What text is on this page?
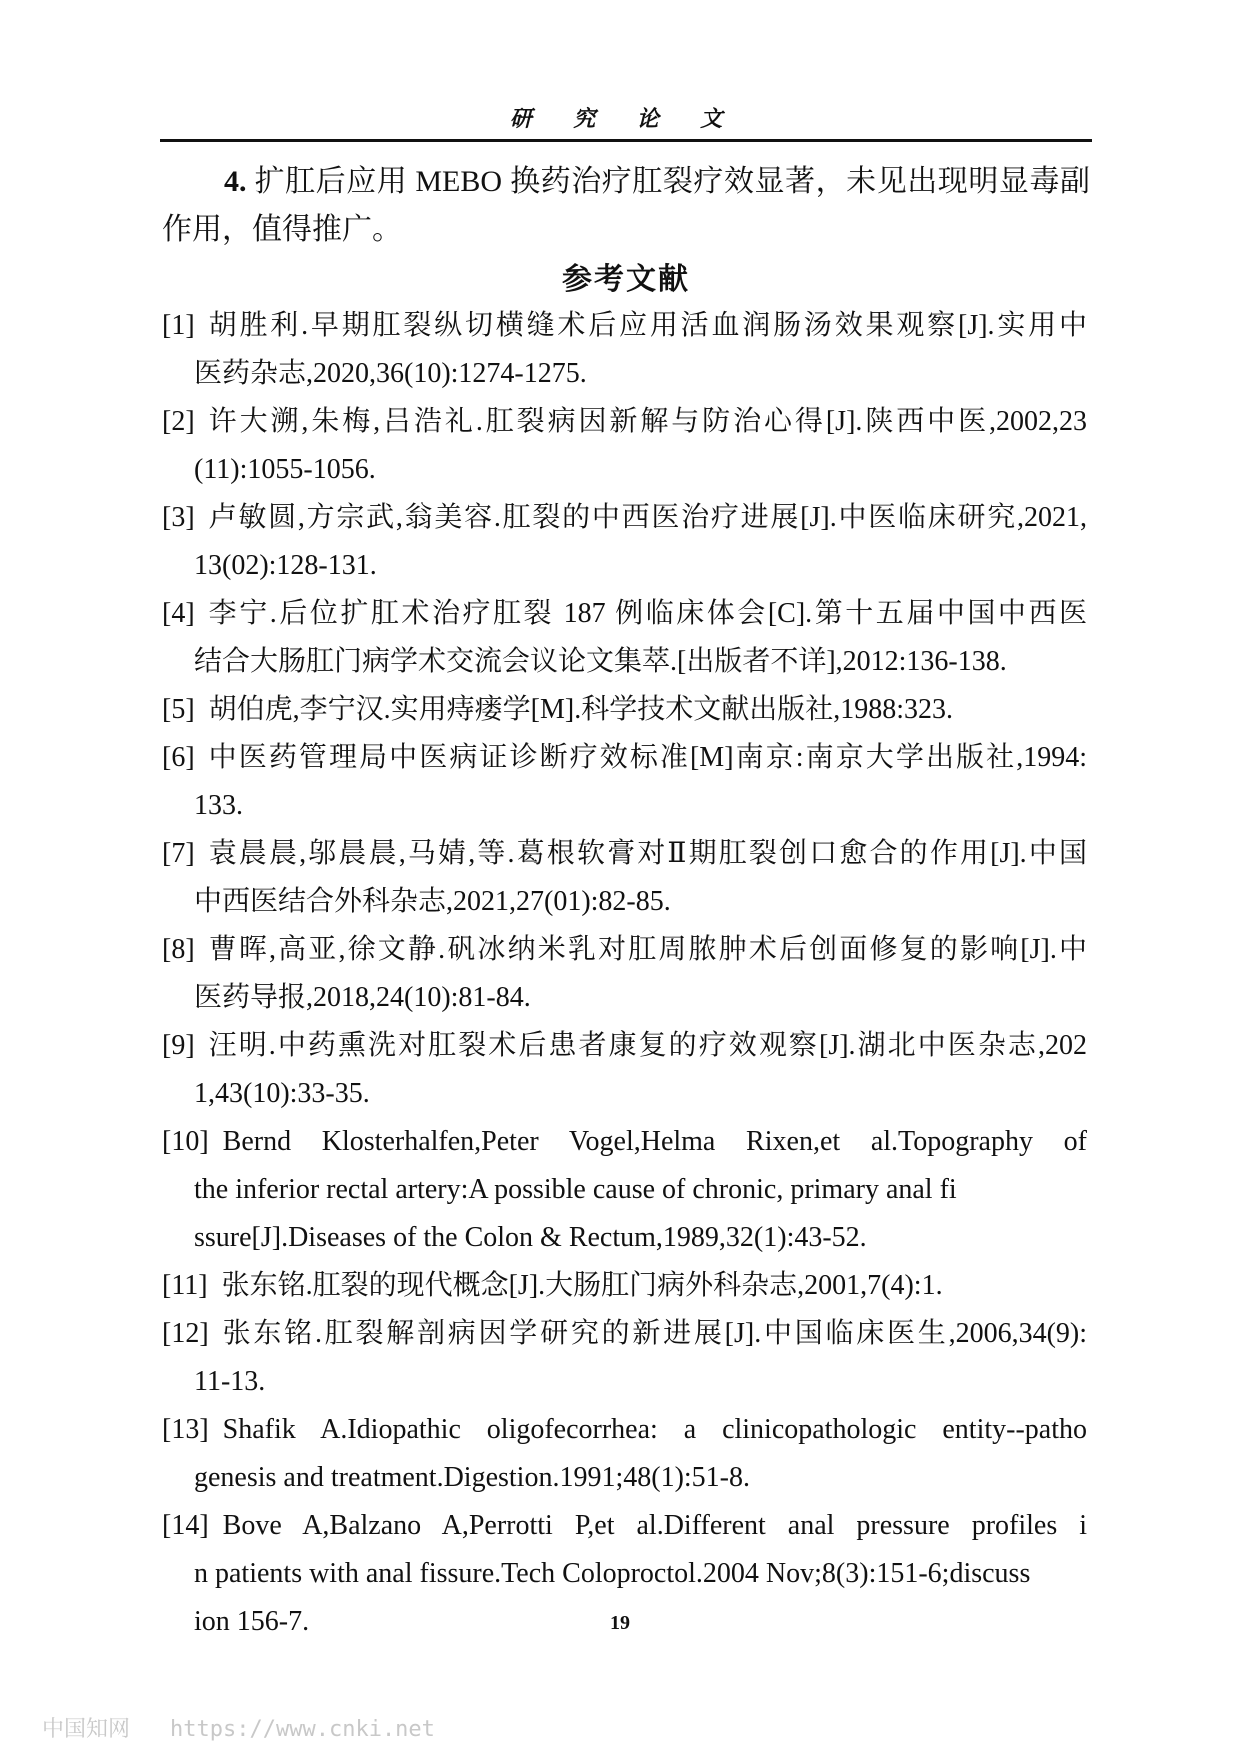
研 究 论 文
4. 扩肛后应用 MEBO 换药治疗肛裂疗效显著，未见出现明显毒副作用，值得推广。
参考文献
[1] 胡胜利.早期肛裂纵切横缝术后应用活血润肠汤效果观察[J].实用中
医药杂志,2020,36(10):1274-1275.
[2] 许大溯,朱梅,吕浩礼.肛裂病因新解与防治心得[J].陕西中医,2002,23
(11):1055-1056.
[3] 卢敏圆,方宗武,翁美容.肛裂的中西医治疗进展[J].中医临床研究,2021,
13(02):128-131.
[4] 李宁.后位扩肛术治疗肛裂 187 例临床体会[C].第十五届中国中西医
结合大肠肛门病学术交流会议论文集萃.[出版者不详],2012:136-138.
[5] 胡伯虎,李宁汉.实用痔瘘学[M].科学技术文献出版社,1988:323.
[6] 中医药管理局中医病证诊断疗效标准[M]南京:南京大学出版社,1994:
133.
[7] 袁晨晨,邬晨晨,马婧,等.葛根软膏对Ⅱ期肛裂创口愈合的作用[J].中国
中西医结合外科杂志,2021,27(01):82-85.
[8] 曹晖,高亚,徐文静.矾冰纳米乳对肛周脓肿术后创面修复的影响[J].中
医药导报,2018,24(10):81-84.
[9] 汪明.中药熏洗对肛裂术后患者康复的疗效观察[J].湖北中医杂志,202
1,43(10):33-35.
[10] Bernd Klosterhalfen,Peter Vogel,Helma Rixen,et al.Topography of
the inferior rectal artery:A possible cause of chronic, primary anal fi
ssure[J].Diseases of the Colon & Rectum,1989,32(1):43-52.
[11] 张东铭.肛裂的现代概念[J].大肠肛门病外科杂志,2001,7(4):1.
[12] 张东铭.肛裂解剖病因学研究的新进展[J].中国临床医生,2006,34(9):
11-13.
[13] Shafik A.Idiopathic oligofecorrhea: a clinicopathologic entity--patho
genesis and treatment.Digestion.1991;48(1):51-8.
[14] Bove A,Balzano A,Perrotti P,et al.Different anal pressure profiles i
n patients with anal fissure.Tech Coloproctol.2004 Nov;8(3):151-6;discuss
ion 156-7.	19
中国知网 https://www.cnki.net
